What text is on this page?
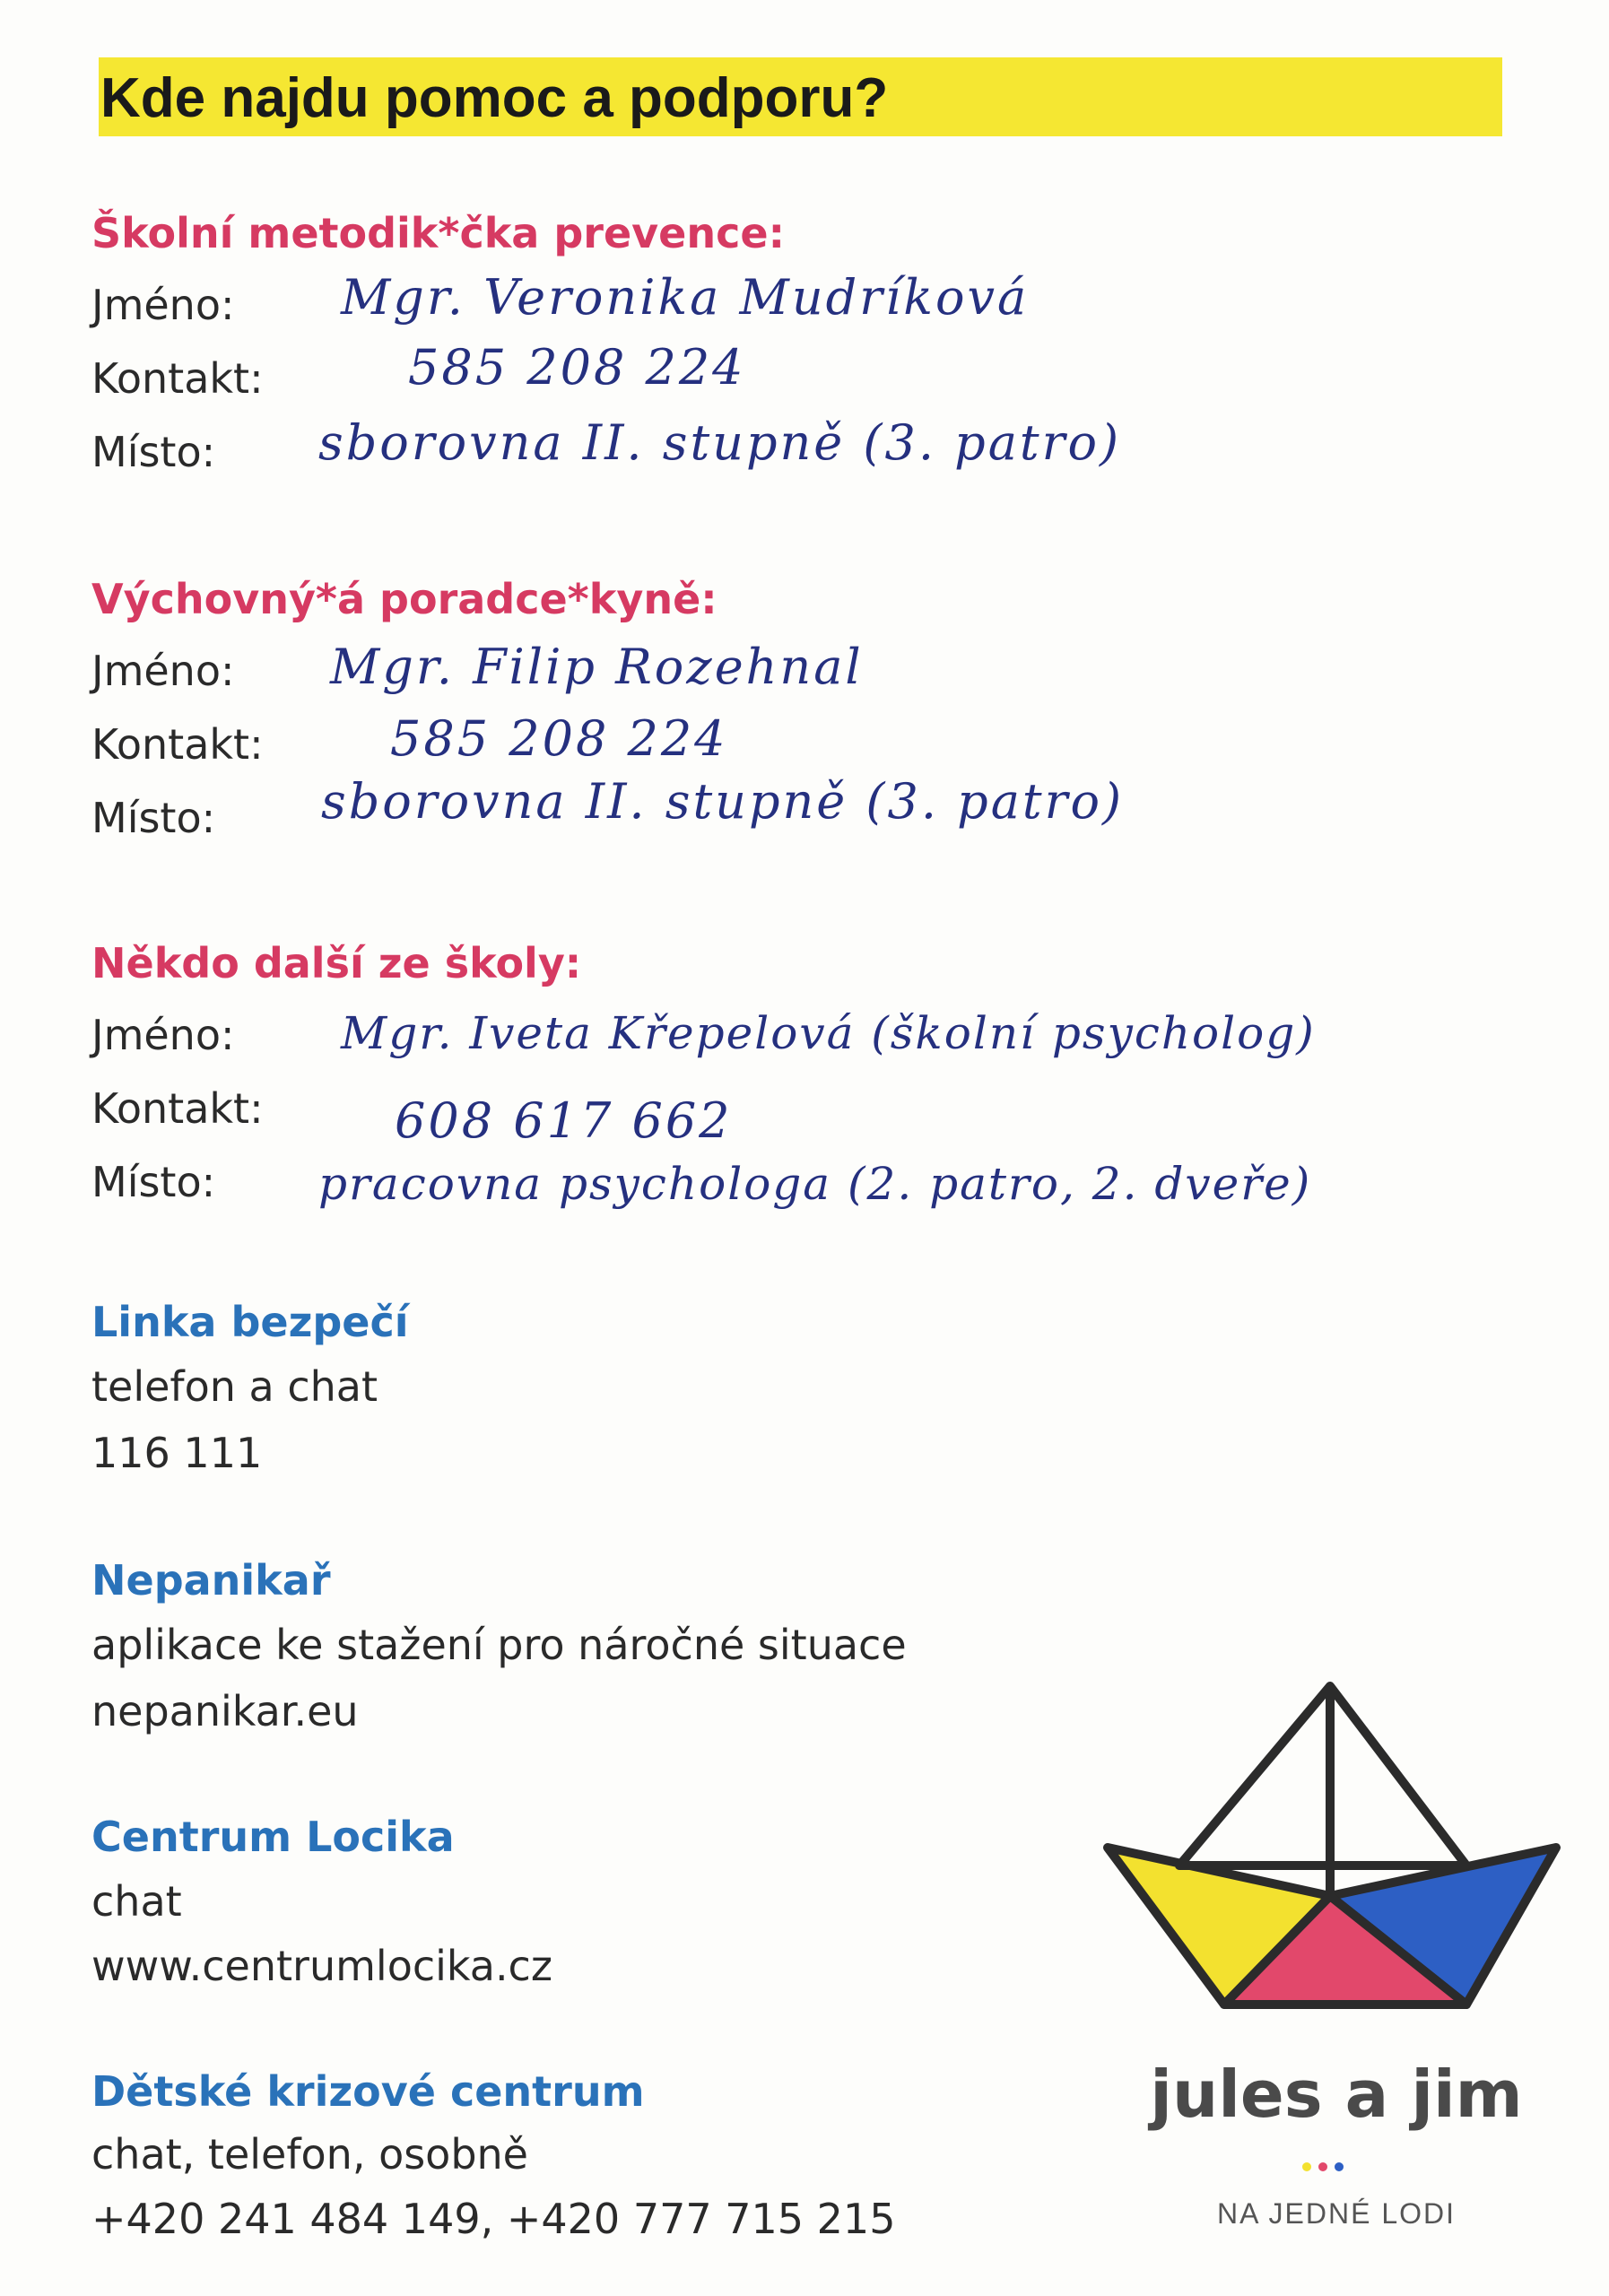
Kde najdu pomoc a podporu?
Školní metodik*čka prevence:
Jméno: Mgr. Veronika Mudríková
Kontakt:	585 208 224
Místo: sborovna II. stupně (3. patro)
Výchovný*á poradce*kyně:
Jméno: Mgr. Filip Rozehnal
Kontakt:	585 208 224
Místo: sborovna II. stupně (3. patro)
Někdo další ze školy:
Jméno: Mgr. Iveta Křepelová (školní psycholog)
Kontakt:	608 617 662
Místo: pracovna psychologa (2. patro, 2. dveře)
Linka bezpečí
telefon a chat
116 111
Nepanikař
aplikace ke stažení pro náročné situace
nepanikar.eu
Centrum Locika
chat
www.centrumlocika.cz
Dětské krizové centrum
chat, telefon, osobně
+420 241 484 149, +420 777 715 215
jules a jim
NA JEDNÉ LODI
